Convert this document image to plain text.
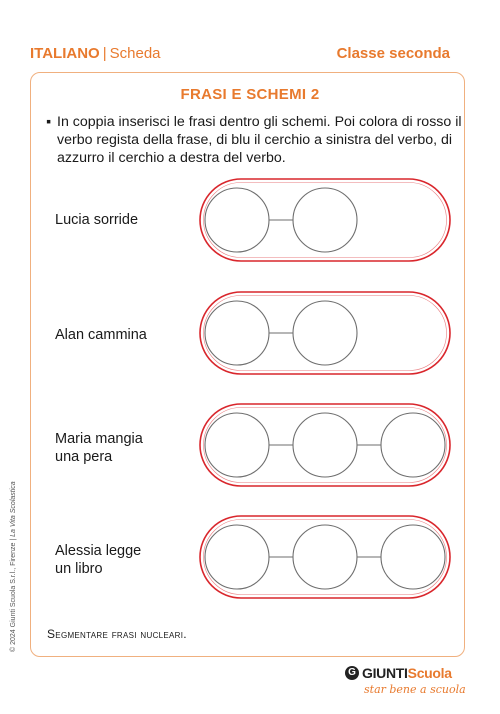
ITALIANO | Scheda	Classe seconda
FRASI E SCHEMI 2
▪ In coppia inserisci le frasi dentro gli schemi. Poi colora di rosso il verbo regista della frase, di blu il cerchio a sinistra del verbo, di azzurro il cerchio a destra del verbo.
Lucia sorride
Alan cammina
Maria mangia
una pera
Alessia legge
un libro
Segmentare frasi nucleari.
© 2024 Giunti Scuola S.r.l., Firenze | La Vita Scolastica
G GIUNTI Scuola
star bene a scuola
